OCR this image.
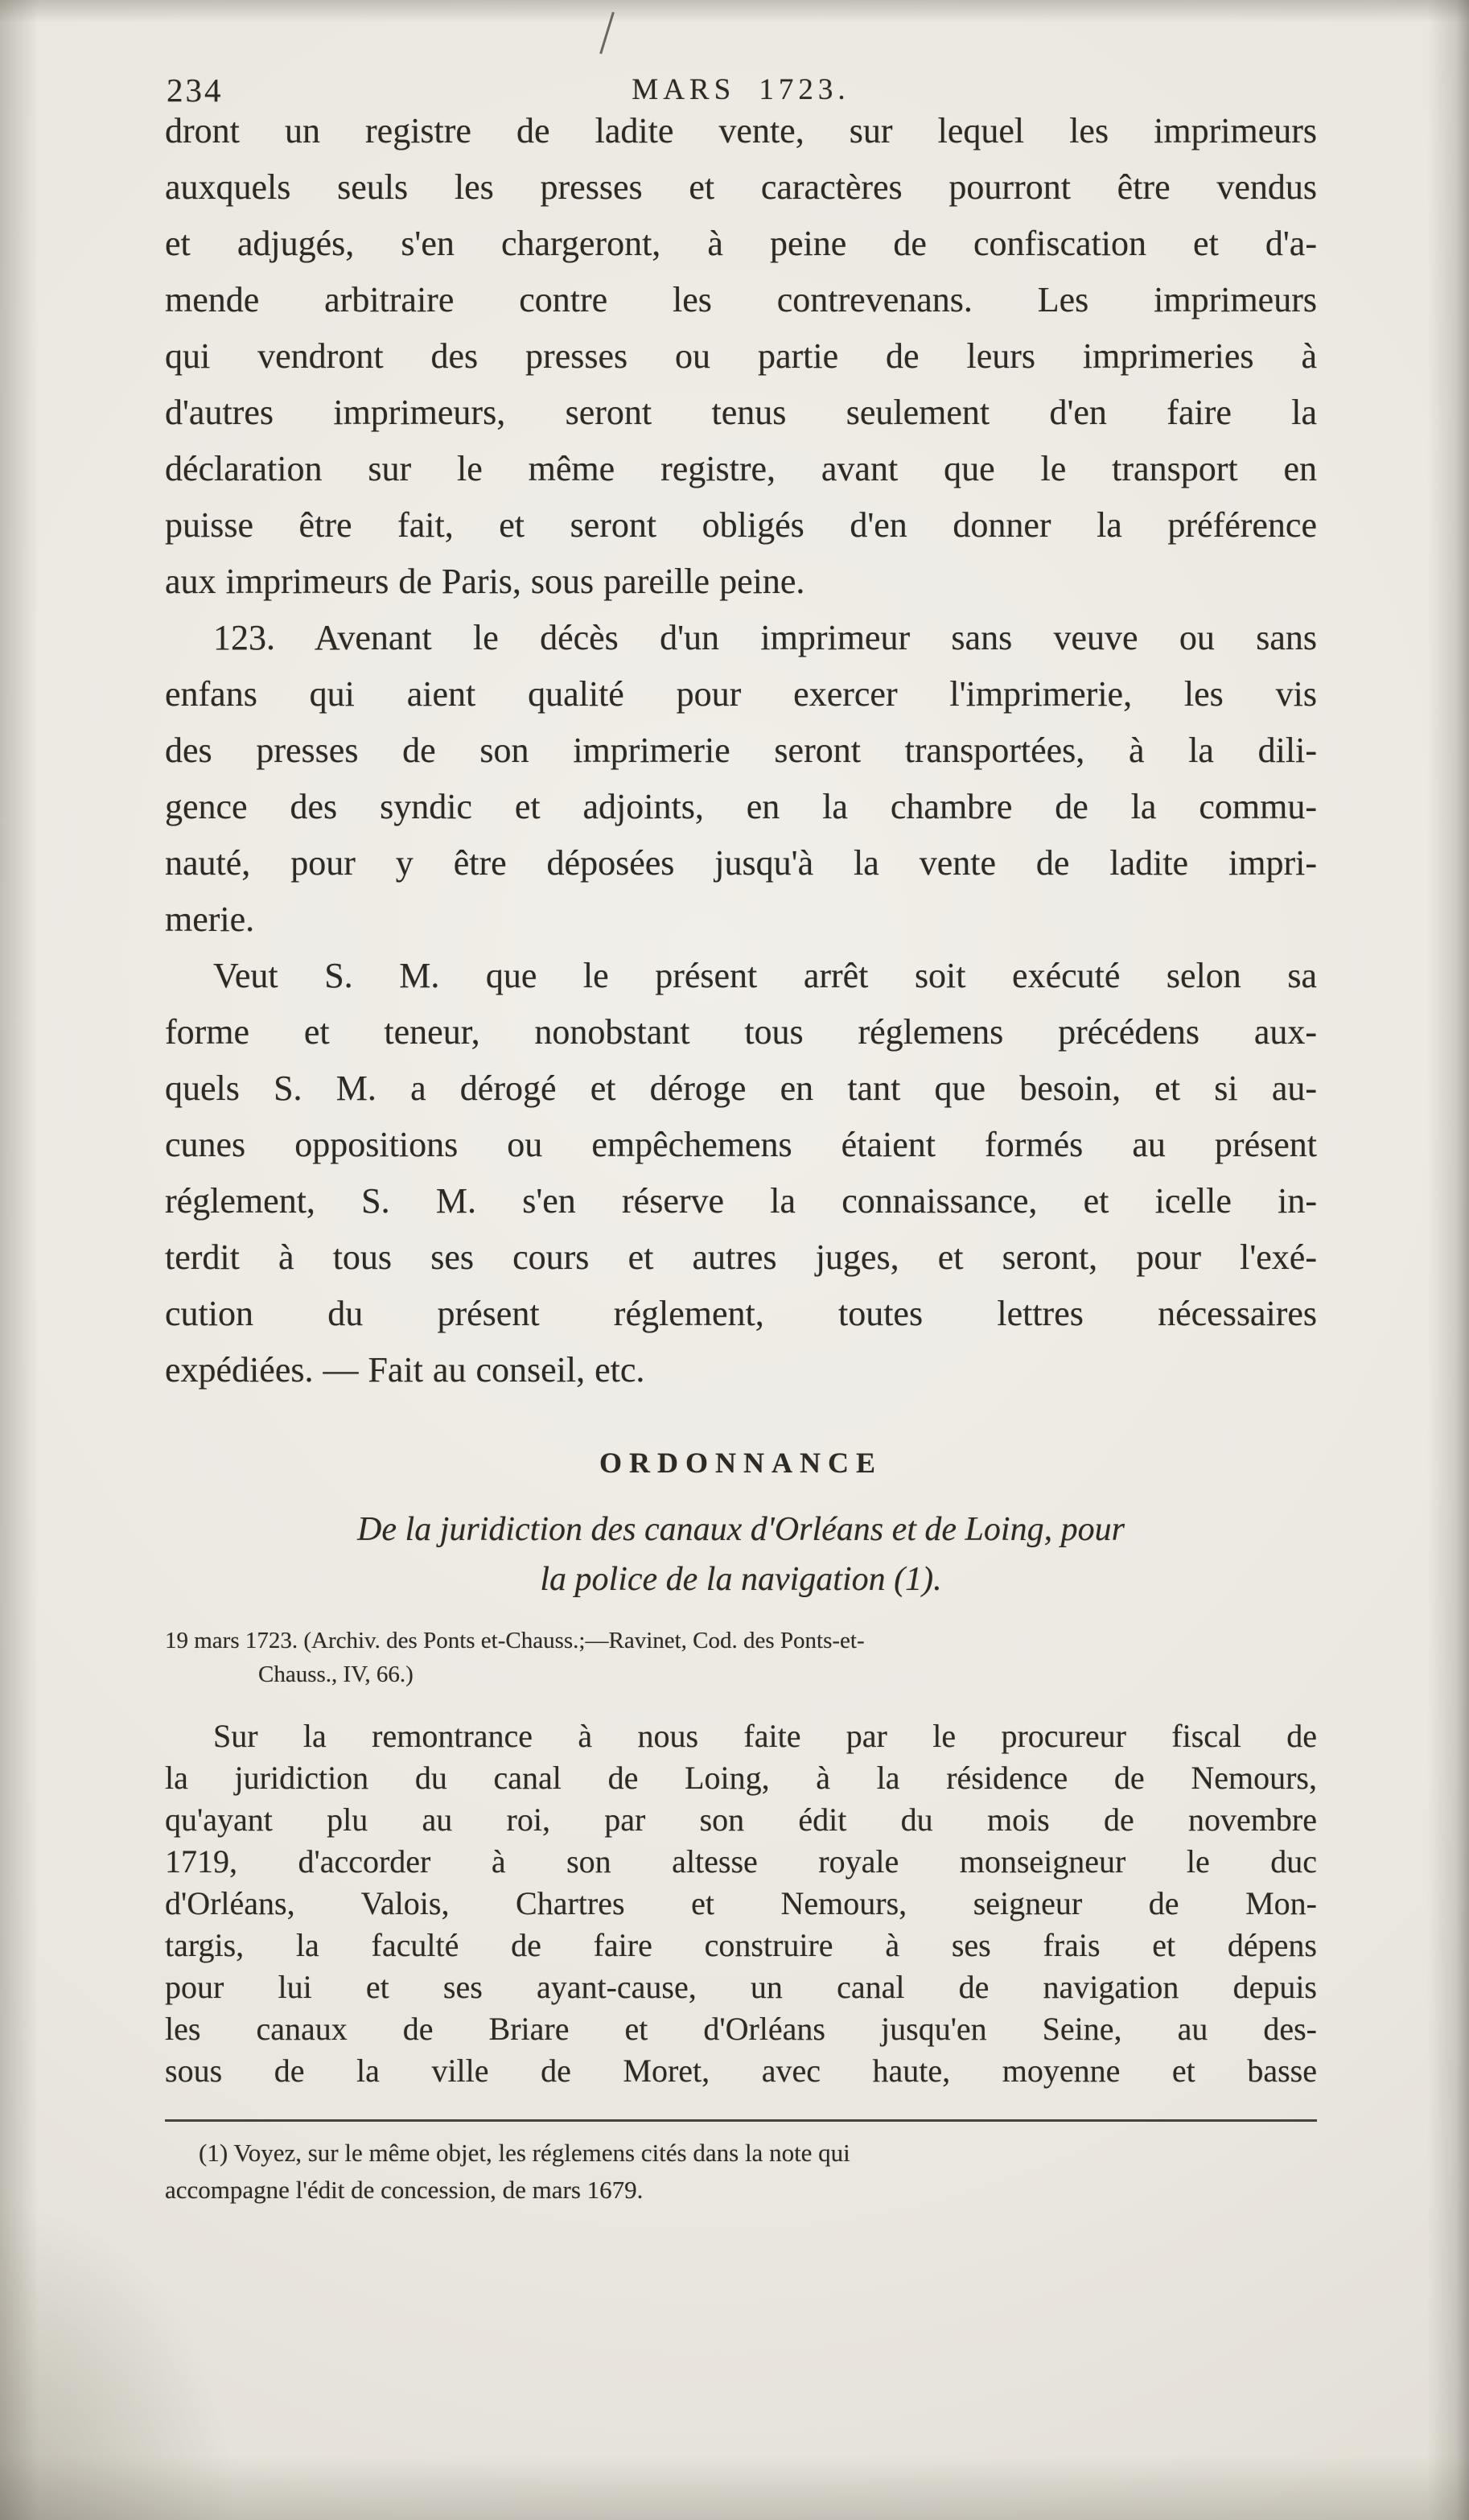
234	MARS 1723.
dront un registre de ladite vente, sur lequel les imprimeurs
auxquels seuls les presses et caractères pourront être vendus
et adjugés, s'en chargeront, à peine de confiscation et d'a-
mende arbitraire contre les contrevenans. Les imprimeurs
qui vendront des presses ou partie de leurs imprimeries à
d'autres imprimeurs, seront tenus seulement d'en faire la
déclaration sur le même registre, avant que le transport en
puisse être fait, et seront obligés d'en donner la préférence
aux imprimeurs de Paris, sous pareille peine.
123. Avenant le décès d'un imprimeur sans veuve ou sans
enfans qui aient qualité pour exercer l'imprimerie, les vis
des presses de son imprimerie seront transportées, à la dili-
gence des syndic et adjoints, en la chambre de la commu-
nauté, pour y être déposées jusqu'à la vente de ladite impri-
merie.
Veut S. M. que le présent arrêt soit exécuté selon sa
forme et teneur, nonobstant tous réglemens précédens aux-
quels S. M. a dérogé et déroge en tant que besoin, et si au-
cunes oppositions ou empêchemens étaient formés au présent
réglement, S. M. s'en réserve la connaissance, et icelle in-
terdit à tous ses cours et autres juges, et seront, pour l'exé-
cution du présent réglement, toutes lettres nécessaires
expédiées. — Fait au conseil, etc.
ORDONNANCE
De la juridiction des canaux d'Orléans et de Loing, pour
la police de la navigation (1).
19 mars 1723. (Archiv. des Ponts et-Chauss.;—Ravinet, Cod. des Ponts-et-
Chauss., IV, 66.)
Sur la remontrance à nous faite par le procureur fiscal de
la juridiction du canal de Loing, à la résidence de Nemours,
qu'ayant plu au roi, par son édit du mois de novembre
1719, d'accorder à son altesse royale monseigneur le duc
d'Orléans, Valois, Chartres et Nemours, seigneur de Mon-
targis, la faculté de faire construire à ses frais et dépens
pour lui et ses ayant-cause, un canal de navigation depuis
les canaux de Briare et d'Orléans jusqu'en Seine, au des-
sous de la ville de Moret, avec haute, moyenne et basse
(1) Voyez, sur le même objet, les réglemens cités dans la note qui
accompagne l'édit de concession, de mars 1679.
